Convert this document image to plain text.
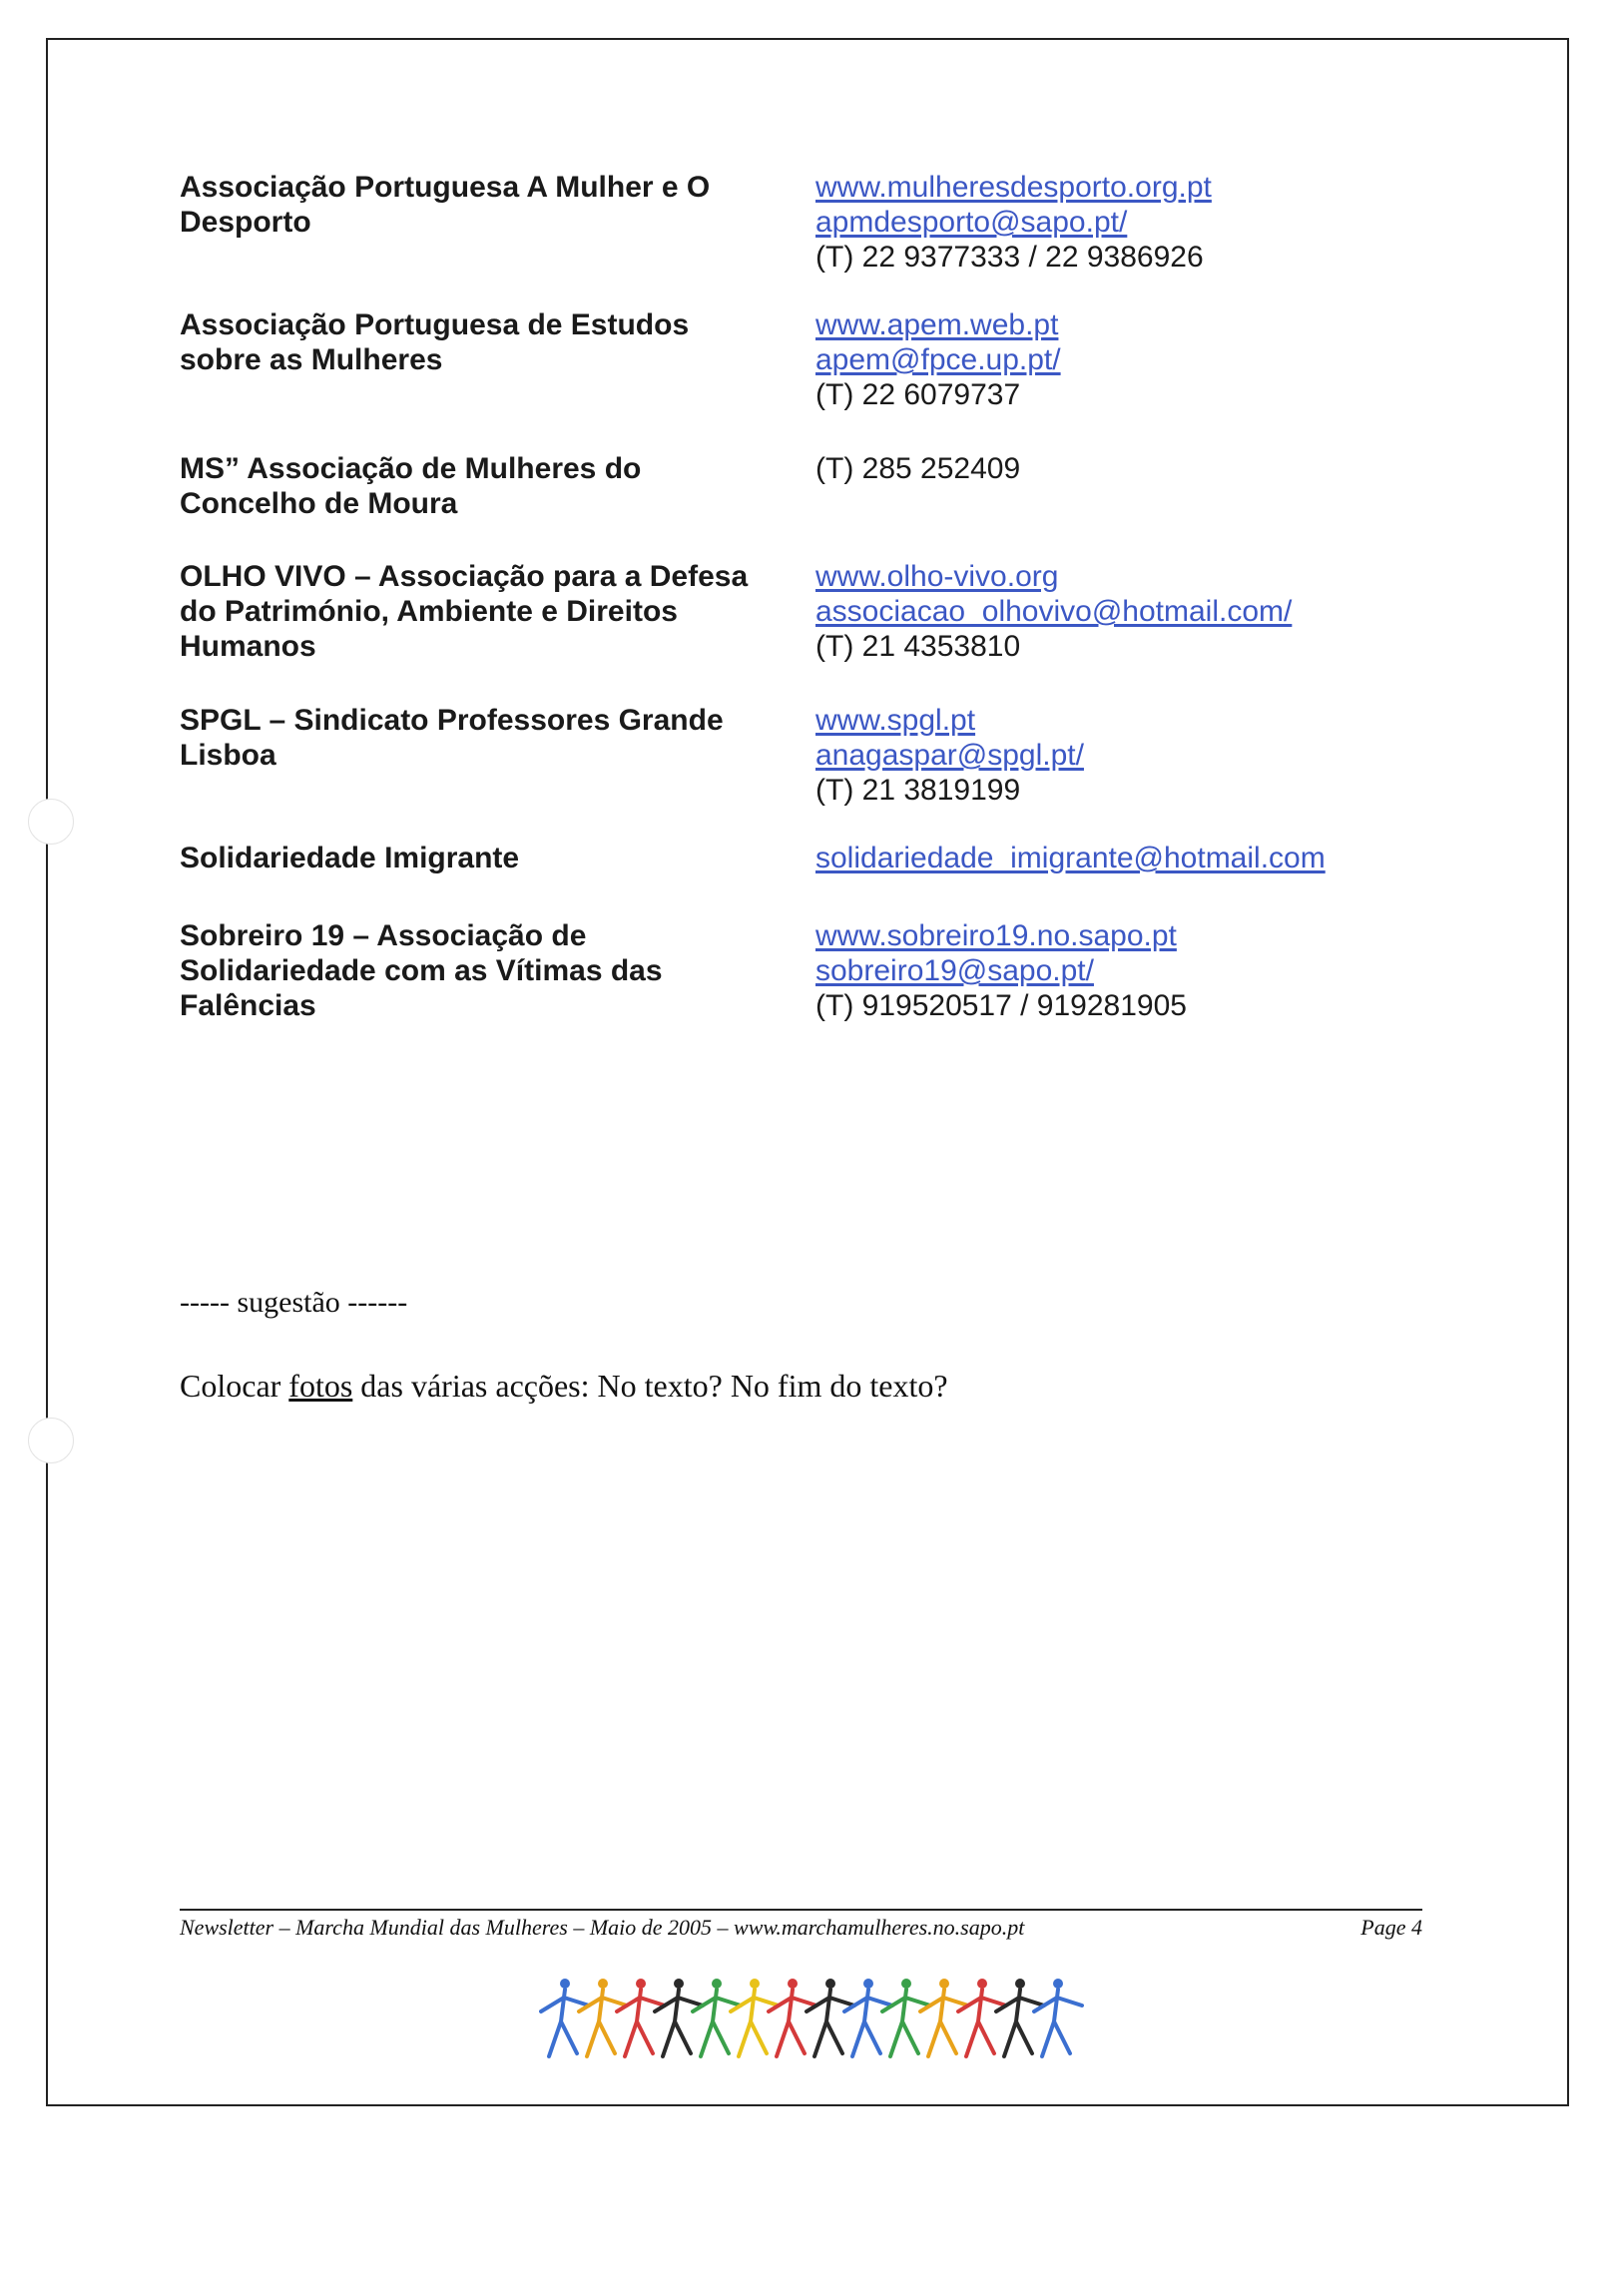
Associação Portuguesa A Mulher e O
Desporto
www.mulheresdesporto.org.pt
apmdesporto@sapo.pt/
(T) 22 9377333 / 22 9386926
Associação Portuguesa de Estudos
sobre as Mulheres
www.apem.web.pt
apem@fpce.up.pt/
(T) 22 6079737
MS” Associação de Mulheres do
Concelho de Moura
(T) 285 252409
OLHO VIVO – Associação para a Defesa
do Património, Ambiente e Direitos
Humanos
www.olho-vivo.org
associacao_olhovivo@hotmail.com/
(T) 21 4353810
SPGL – Sindicato Professores Grande
Lisboa
www.spgl.pt
anagaspar@spgl.pt/
(T) 21 3819199
Solidariedade Imigrante	solidariedade_imigrante@hotmail.com
Sobreiro 19 – Associação de
Solidariedade com as Vítimas das
Falências
www.sobreiro19.no.sapo.pt
sobreiro19@sapo.pt/
(T) 919520517 / 919281905
----- sugestão ------
Colocar fotos das várias acções: No texto? No fim do texto?
Newsletter – Marcha Mundial das Mulheres – Maio de 2005 – www.marchamulheres.no.sapo.pt	Page 4
